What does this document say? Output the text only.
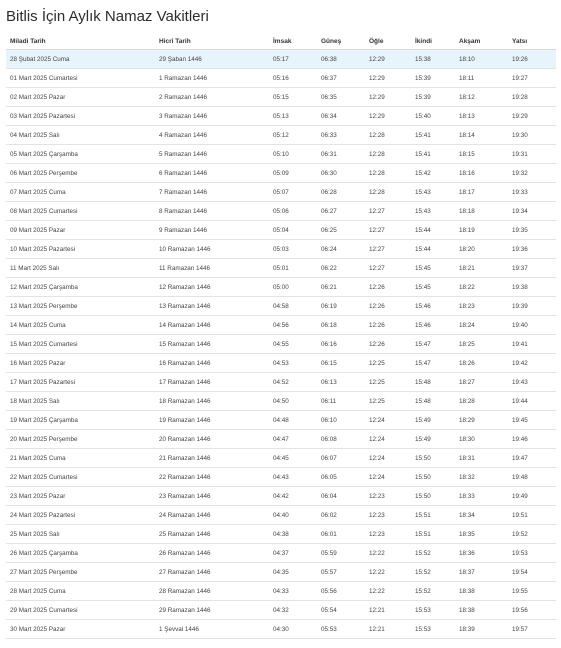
Bitlis İçin Aylık Namaz Vakitleri
Miladi Tarih	Hicri Tarih	İmsak	Güneş	Öğle	İkindi	Akşam	Yatsı
28 Şubat 2025 Cuma	29 Şaban 1446	05:17	06:38	12:29	15:38	18:10	19:26
01 Mart 2025 Cumartesi	1 Ramazan 1446	05:16	06:37	12:29	15:39	18:11	19:27
02 Mart 2025 Pazar	2 Ramazan 1446	05:15	06:35	12:29	15:39	18:12	19:28
03 Mart 2025 Pazartesi	3 Ramazan 1446	05:13	06:34	12:29	15:40	18:13	19:29
04 Mart 2025 Salı	4 Ramazan 1446	05:12	06:33	12:28	15:41	18:14	19:30
05 Mart 2025 Çarşamba	5 Ramazan 1446	05:10	06:31	12:28	15:41	18:15	19:31
06 Mart 2025 Perşembe	6 Ramazan 1446	05:09	06:30	12:28	15:42	18:16	19:32
07 Mart 2025 Cuma	7 Ramazan 1446	05:07	06:28	12:28	15:43	18:17	19:33
08 Mart 2025 Cumartesi	8 Ramazan 1446	05:06	06:27	12:27	15:43	18:18	19:34
09 Mart 2025 Pazar	9 Ramazan 1446	05:04	06:25	12:27	15:44	18:19	19:35
10 Mart 2025 Pazartesi	10 Ramazan 1446	05:03	06:24	12:27	15:44	18:20	19:36
11 Mart 2025 Salı	11 Ramazan 1446	05:01	06:22	12:27	15:45	18:21	19:37
12 Mart 2025 Çarşamba	12 Ramazan 1446	05:00	06:21	12:26	15:45	18:22	19:38
13 Mart 2025 Perşembe	13 Ramazan 1446	04:58	06:19	12:26	15:46	18:23	19:39
14 Mart 2025 Cuma	14 Ramazan 1446	04:56	06:18	12:26	15:46	18:24	19:40
15 Mart 2025 Cumartesi	15 Ramazan 1446	04:55	06:16	12:26	15:47	18:25	19:41
16 Mart 2025 Pazar	16 Ramazan 1446	04:53	06:15	12:25	15:47	18:26	19:42
17 Mart 2025 Pazartesi	17 Ramazan 1446	04:52	06:13	12:25	15:48	18:27	19:43
18 Mart 2025 Salı	18 Ramazan 1446	04:50	06:11	12:25	15:48	18:28	19:44
19 Mart 2025 Çarşamba	19 Ramazan 1446	04:48	06:10	12:24	15:49	18:29	19:45
20 Mart 2025 Perşembe	20 Ramazan 1446	04:47	06:08	12:24	15:49	18:30	19:46
21 Mart 2025 Cuma	21 Ramazan 1446	04:45	06:07	12:24	15:50	18:31	19:47
22 Mart 2025 Cumartesi	22 Ramazan 1446	04:43	06:05	12:24	15:50	18:32	19:48
23 Mart 2025 Pazar	23 Ramazan 1446	04:42	06:04	12:23	15:50	18:33	19:49
24 Mart 2025 Pazartesi	24 Ramazan 1446	04:40	06:02	12:23	15:51	18:34	19:51
25 Mart 2025 Salı	25 Ramazan 1446	04:38	06:01	12:23	15:51	18:35	19:52
26 Mart 2025 Çarşamba	26 Ramazan 1446	04:37	05:59	12:22	15:52	18:36	19:53
27 Mart 2025 Perşembe	27 Ramazan 1446	04:35	05:57	12:22	15:52	18:37	19:54
28 Mart 2025 Cuma	28 Ramazan 1446	04:33	05:56	12:22	15:52	18:38	19:55
29 Mart 2025 Cumartesi	29 Ramazan 1446	04:32	05:54	12:21	15:53	18:38	19:56
30 Mart 2025 Pazar	1 Şevval 1446	04:30	05:53	12:21	15:53	18:39	19:57
